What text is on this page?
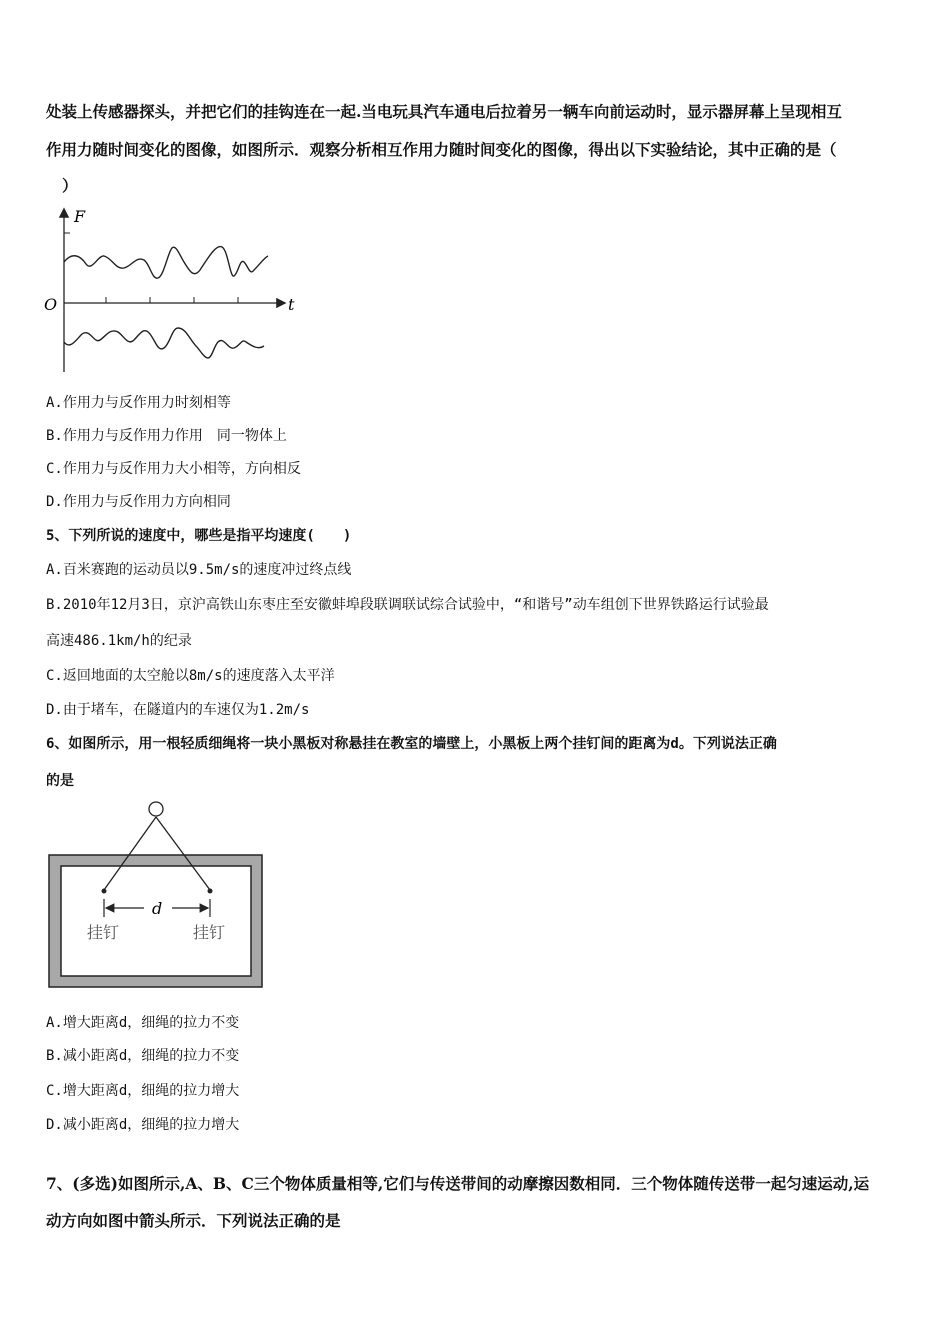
处装上传感器探头，并把它们的挂钩连在一起.当电玩具汽车通电后拉着另一辆车向前运动时，显示器屏幕上呈现相互
作用力随时间变化的图像，如图所示．观察分析相互作用力随时间变化的图像，得出以下实验结论，其中正确的是（
）
F
t
O
A.作用力与反作用力时刻相等
B.作用力与反作用力作用　同一物体上
C.作用力与反作用力大小相等，方向相反
D.作用力与反作用力方向相同
5、下列所说的速度中，哪些是指平均速度(　　)
A.百米赛跑的运动员以9.5m/s的速度冲过终点线
B.2010年12月3日，京沪高铁山东枣庄至安徽蚌埠段联调联试综合试验中，“和谐号”动车组创下世界铁路运行试验最
高速486.1km/h的纪录
C.返回地面的太空舱以8m/s的速度落入太平洋
D.由于堵车，在隧道内的车速仅为1.2m/s
6、如图所示，用一根轻质细绳将一块小黑板对称悬挂在教室的墙壁上，小黑板上两个挂钉间的距离为d。下列说法正确
的是
d
挂钉	挂钉
A.增大距离d，细绳的拉力不变
B.减小距离d，细绳的拉力不变
C.增大距离d，细绳的拉力增大
D.减小距离d，细绳的拉力增大
7、(多选)如图所示,A、B、C三个物体质量相等,它们与传送带间的动摩擦因数相同．三个物体随传送带一起匀速运动,运
动方向如图中箭头所示．下列说法正确的是
